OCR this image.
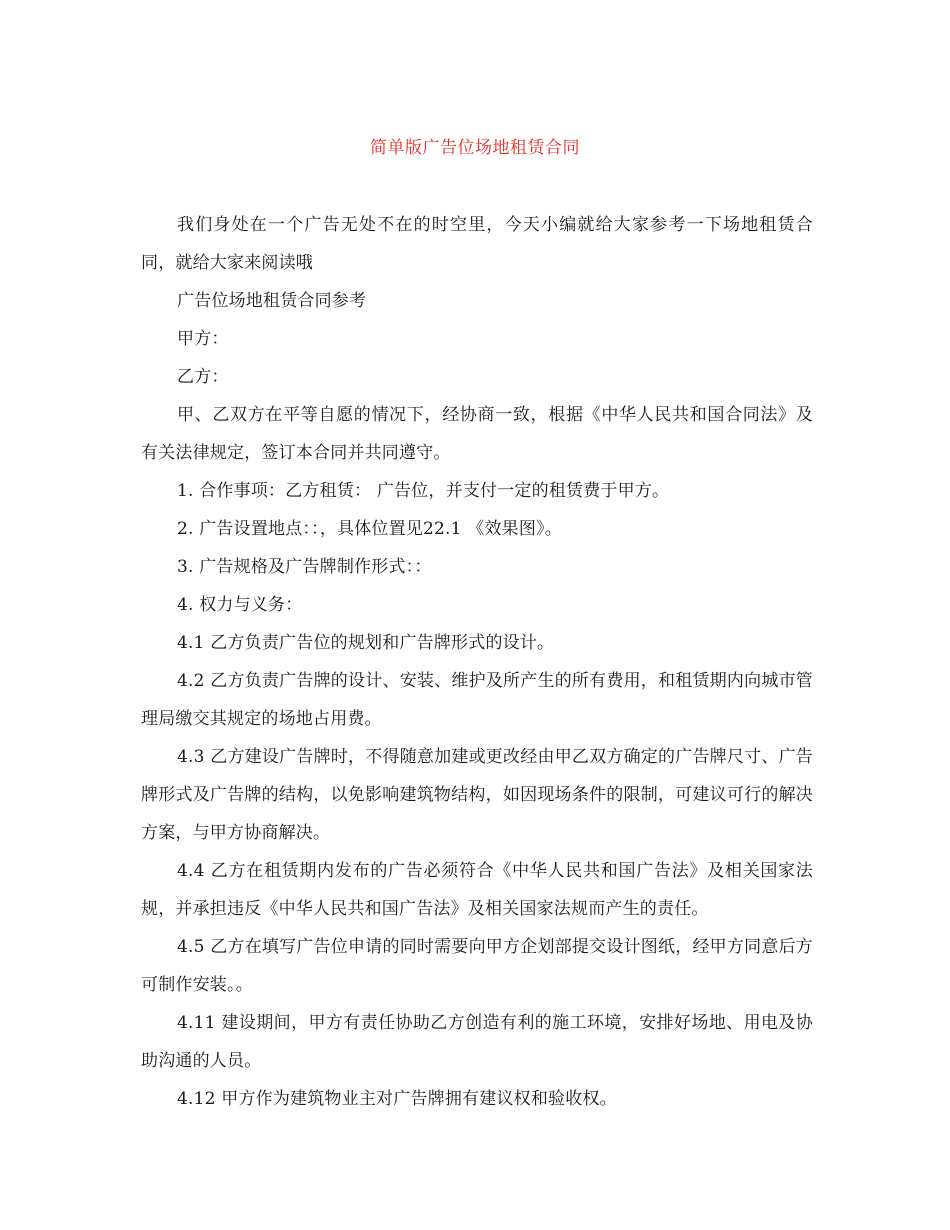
简单版广告位场地租赁合同

我们身处在一个广告无处不在的时空里，今天小编就给大家参考一下场地租赁合同，就给大家来阅读哦

广告位场地租赁合同参考

甲方：

乙方：

甲、乙双方在平等自愿的情况下，经协商一致，根据《中华人民共和国合同法》及有关法律规定，签订本合同并共同遵守。

1. 合作事项：乙方租赁： 广告位，并支付一定的租赁费于甲方。

2. 广告设置地点：：，具体位置见22.1 《效果图》。

3. 广告规格及广告牌制作形式：：

4. 权力与义务：

4.1 乙方负责广告位的规划和广告牌形式的设计。

4.2 乙方负责广告牌的设计、安装、维护及所产生的所有费用，和租赁期内向城市管理局缴交其规定的场地占用费。

4.3 乙方建设广告牌时，不得随意加建或更改经由甲乙双方确定的广告牌尺寸、广告牌形式及广告牌的结构，以免影响建筑物结构，如因现场条件的限制，可建议可行的解决方案，与甲方协商解决。

4.4 乙方在租赁期内发布的广告必须符合《中华人民共和国广告法》及相关国家法规，并承担违反《中华人民共和国广告法》及相关国家法规而产生的责任。

4.5 乙方在填写广告位申请的同时需要向甲方企划部提交设计图纸，经甲方同意后方可制作安装。。

4.11 建设期间，甲方有责任协助乙方创造有利的施工环境，安排好场地、用电及协助沟通的人员。

4.12 甲方作为建筑物业主对广告牌拥有建议权和验收权。
